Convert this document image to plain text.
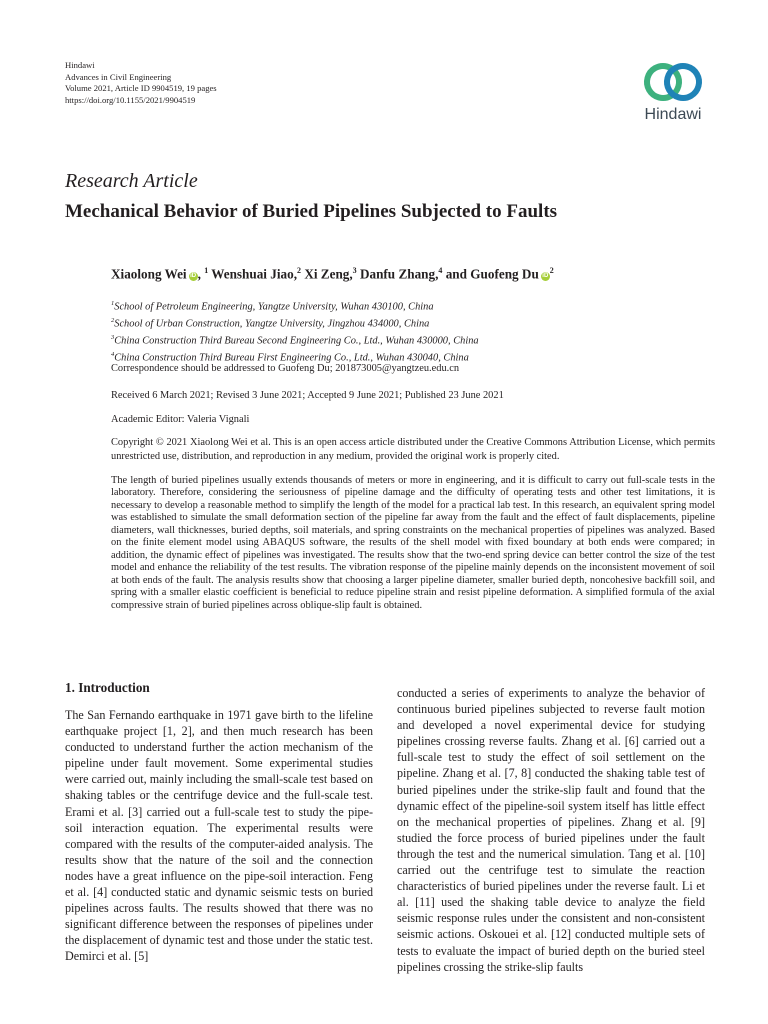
Hindawi
Advances in Civil Engineering
Volume 2021, Article ID 9904519, 19 pages
https://doi.org/10.1155/2021/9904519
Hindawi
Research Article
Mechanical Behavior of Buried Pipelines Subjected to Faults
Xiaolong Wei iD , $^1$ Wenshuai Jiao,$^2$ Xi Zeng,$^3$ Danfu Zhang,$^4$ and Guofeng Du $iD^2$
$^1$School of Petroleum Engineering, Yangtze University, Wuhan 430100, China
$^2$School of Urban Construction, Yangtze University, Jingzhou 434000, China
$^3$China Construction Third Bureau Second Engineering Co., Ltd., Wuhan 430000, China
$^4$China Construction Third Bureau First Engineering Co., Ltd., Wuhan 430040, China
Correspondence should be addressed to Guofeng Du; 201873005@yangtzeu.edu.cn
Received 6 March 2021; Revised 3 June 2021; Accepted 9 June 2021; Published 23 June 2021
Academic Editor: Valeria Vignali
Copyright © 2021 Xiaolong Wei et al. This is an open access article distributed under the Creative Commons Attribution License, which permits unrestricted use, distribution, and reproduction in any medium, provided the original work is properly cited.

The length of buried pipelines usually extends thousands of meters or more in engineering, and it is difficult to carry out full-scale tests in the laboratory. Therefore, considering the seriousness of pipeline damage and the difficulty of operating tests and other test limitations, it is necessary to develop a reasonable method to simplify the length of the model for a practical lab test. In this research, an equivalent spring model was established to simulate the small deformation section of the pipeline far away from the fault and the effect of fault displacements, pipeline diameters, wall thicknesses, buried depths, soil materials, and spring constraints on the mechanical properties of pipelines was analyzed. Based on the finite element model using ABAQUS software, the results of the shell model with fixed boundary at both ends were compared; in addition, the dynamic effect of pipelines was investigated. The results show that the two-end spring device can better control the size of the test model and enhance the reliability of the test results. The vibration response of the pipeline mainly depends on the inconsistent movement of soil at both ends of the fault. The analysis results show that choosing a larger pipeline diameter, smaller buried depth, noncohesive backfill soil, and spring with a smaller elastic coefficient is beneficial to reduce pipeline strain and resist pipeline deformation. A simplified formula of the axial compressive strain of buried pipelines across oblique-slip fault is obtained.

1. Introduction

The San Fernando earthquake in 1971 gave birth to the lifeline earthquake project [1, 2], and then much research has been conducted to understand further the action mechanism of the pipeline under fault movement. Some experimental studies were carried out, mainly including the small-scale test based on shaking tables or the centrifuge device and the full-scale test. Erami et al. [3] carried out a full-scale test to study the pipe-soil interaction equation. The experimental results were compared with the results of the computer-aided analysis. The results show that the nature of the soil and the connection nodes have a great influence on the pipe-soil interaction. Feng et al. [4] conducted static and dynamic seismic tests on buried pipelines across faults. The results showed that there was no significant difference between the responses of pipelines under the displacement of dynamic test and those under the static test. Demirci et al. [5]

conducted a series of experiments to analyze the behavior of continuous buried pipelines subjected to reverse fault motion and developed a novel experimental device for studying pipelines crossing reverse faults. Zhang et al. [6] carried out a full-scale test to study the effect of soil settlement on the pipeline. Zhang et al. [7, 8] conducted the shaking table test of buried pipelines under the strike-slip fault and found that the dynamic effect of the pipeline-soil system itself has little effect on the mechanical properties of pipelines. Zhang et al. [9] studied the force process of buried pipelines under the fault through the test and the numerical simulation. Tang et al. [10] carried out the centrifuge test to simulate the reaction characteristics of buried pipelines under the reverse fault. Li et al. [11] used the shaking table device to analyze the field seismic response rules under the consistent and non-consistent seismic actions. Oskouei et al. [12] conducted multiple sets of tests to evaluate the impact of buried depth on the buried steel pipelines crossing the strike-slip faults
